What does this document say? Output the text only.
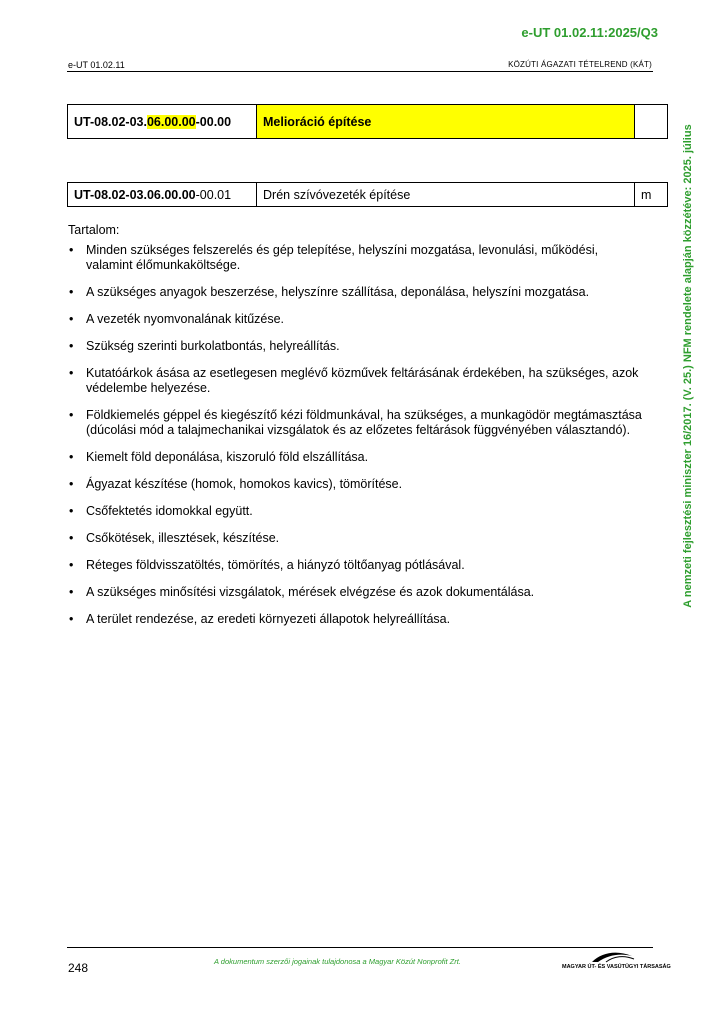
e-UT 01.02.11:2025/Q3
e-UT 01.02.11	KÖZÚTI ÁGAZATI TÉTELREND (KÁT)
A nemzeti fejlesztési miniszter 16/2017. (V. 25.) NFM rendelete alapján közzétéve: 2025. július
UT-08.02-03.06.00.00-00.00	Melioráció építése	
UT-08.02-03.06.00.00-00.01	Drén szívóvezeték építése	m
Tartalom:
• Minden szükséges felszerelés és gép telepítése, helyszíni mozgatása, levonulási, működési, valamint élőmunkaköltsége.
• A szükséges anyagok beszerzése, helyszínre szállítása, deponálása, helyszíni mozgatása.
• A vezeték nyomvonalának kitűzése.
• Szükség szerinti burkolatbontás, helyreállítás.
• Kutatóárkok ásása az esetlegesen meglévő közművek feltárásának érdekében, ha szükséges, azok védelembe helyezése.
• Földkiemelés géppel és kiegészítő kézi földmunkával, ha szükséges, a munkagödör megtámasztása (dúcolási mód a talajmechanikai vizsgálatok és az előzetes feltárások függvényében választandó).
• Kiemelt föld deponálása, kiszoruló föld elszállítása.
• Ágyazat készítése (homok, homokos kavics), tömörítése.
• Csőfektetés idomokkal együtt.
• Csőkötések, illesztések, készítése.
• Réteges földvisszatöltés, tömörítés, a hiányzó töltőanyag pótlásával.
• A szükséges minősítési vizsgálatok, mérések elvégzése és azok dokumentálása.
• A terület rendezése, az eredeti környezeti állapotok helyreállítása.
248	A dokumentum szerzői jogainak tulajdonosa a Magyar Közút Nonprofit Zrt.
MAGYAR ÚT- ÉS VASÚTÜGYI TÁRSASÁG
